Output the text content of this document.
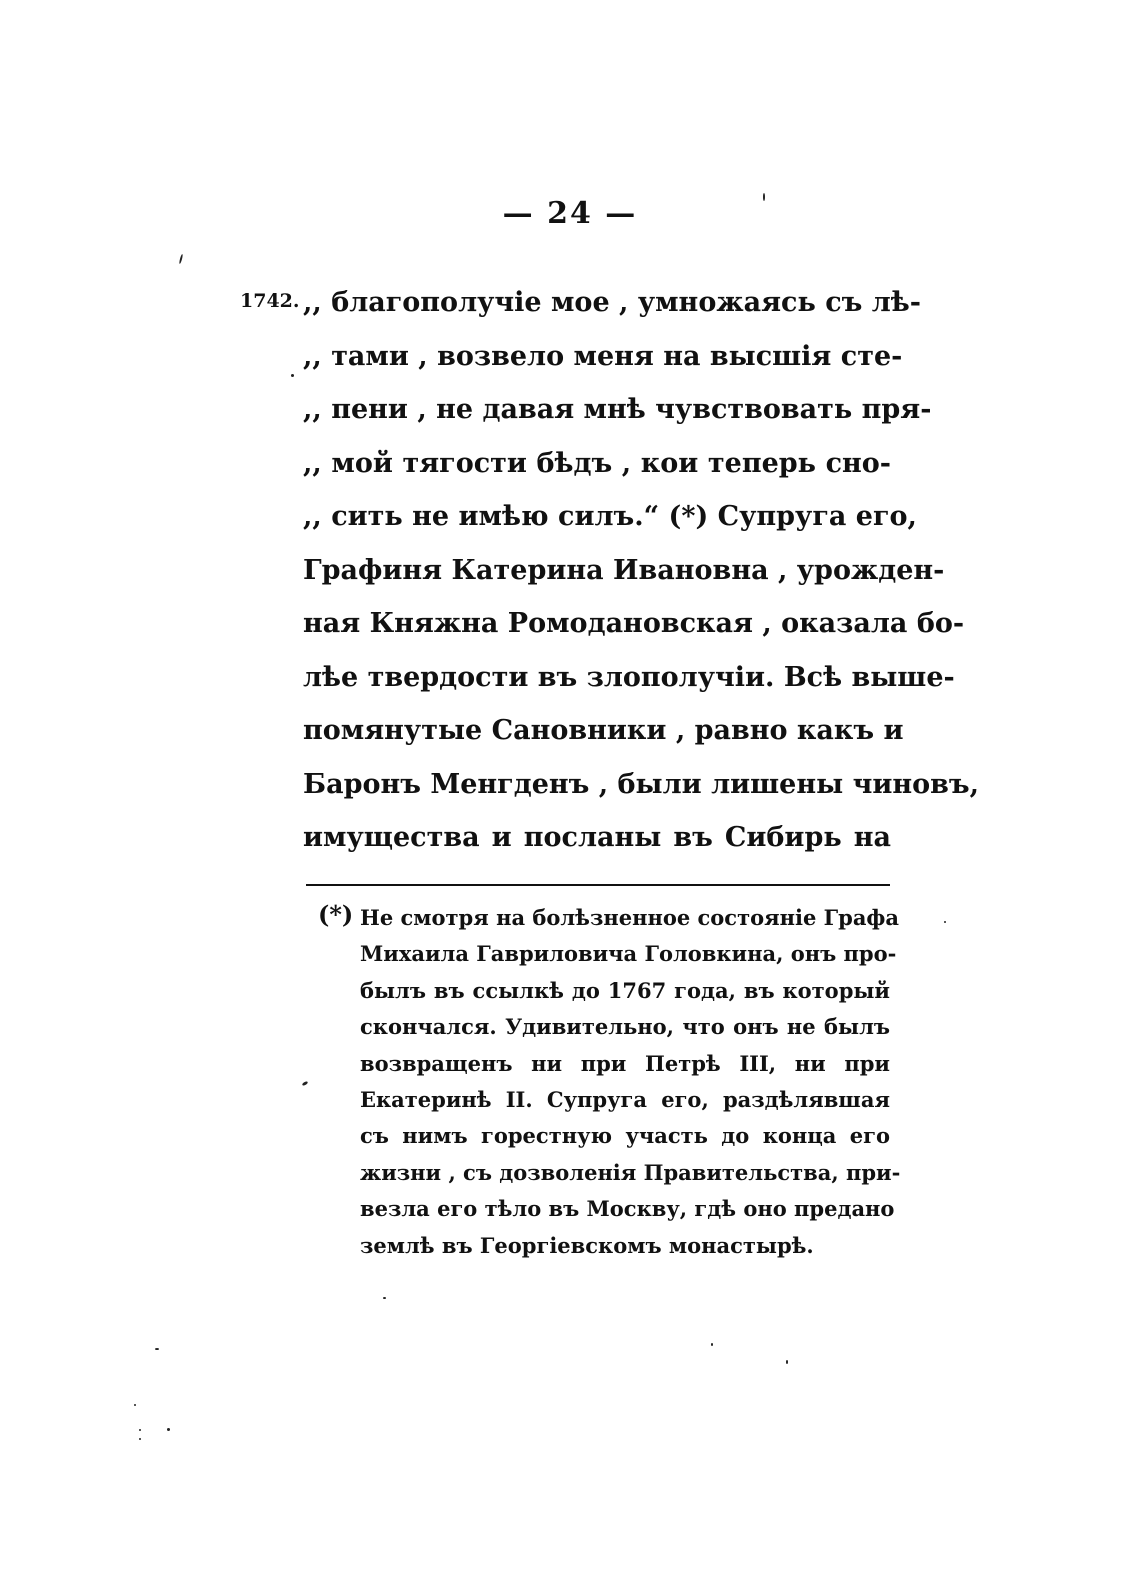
— 24 —
1742. ,, благополучіе мое , умножаясь съ лѣ-
,, тами , возвело меня на высшія сте-
,, пени , не давая мнѣ чувствовать пря-
,, мой тягости бѣдъ , кои теперь сно-
,, сить не имѣю силъ.“ (*) Супруга его,
Графиня Катерина Ивановна , урожден-
ная Княжна Ромодановская , оказала бо-
лѣе твердости въ злополучіи. Всѣ выше-
помянутые Сановники , равно какъ и
Баронъ Менгденъ , были лишены чиновъ,
имущества и посланы въ Сибирь на
(*) Не смотря на болѣзненное состояніе Графа
Михаила Гавриловича Головкина, онъ про-
былъ въ ссылкѣ до 1767 года, въ который
скончался. Удивительно, что онъ не былъ
возвращенъ ни при Петрѣ III, ни при
Екатеринѣ II. Супруга его, раздѣлявшая
съ нимъ горестную участь до конца его
жизни , съ дозволенія Правительства, при-
везла его тѣло въ Москву, гдѣ оно предано
землѣ въ Георгіевскомъ монастырѣ.
